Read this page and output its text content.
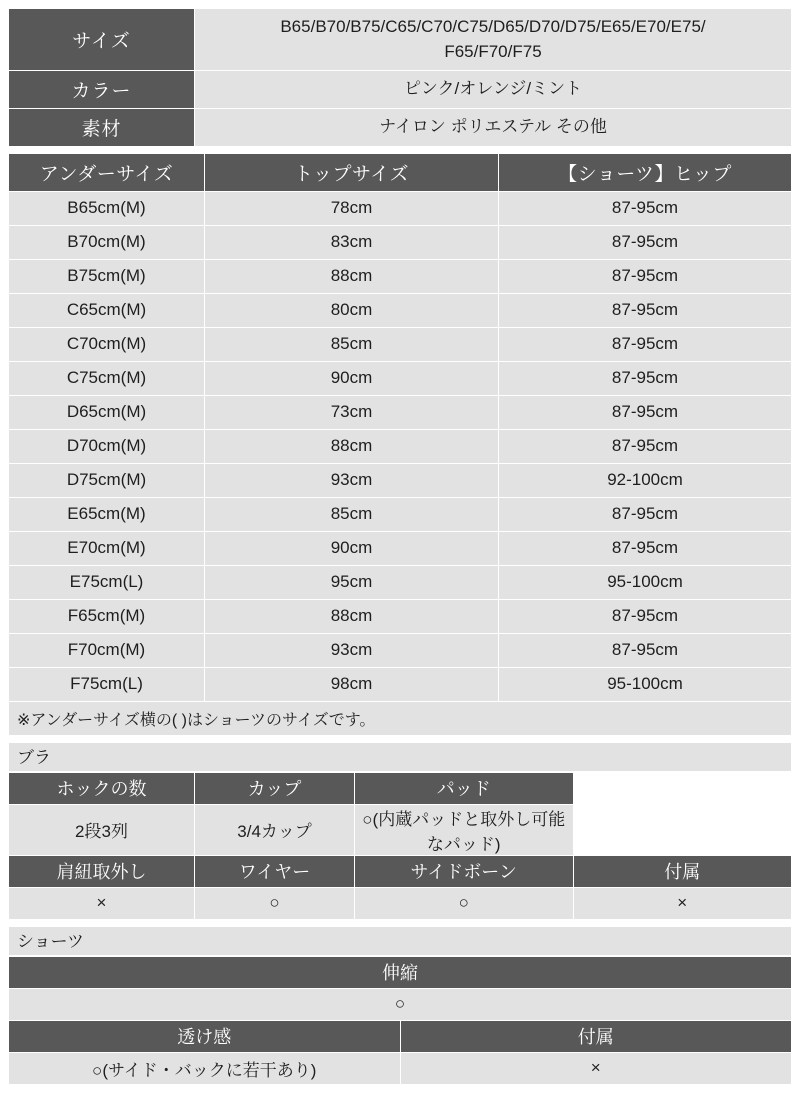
サイズ	B65/B70/B75/C65/C70/C75/D65/D70/D75/E65/E70/E75/
F65/F70/F75
カラー	ピンク/オレンジ/ミント
素材	ナイロン ポリエステル その他
アンダーサイズ	トップサイズ	【ショーツ】ヒップ
B65cm(M)	78cm	87-95cm
B70cm(M)	83cm	87-95cm
B75cm(M)	88cm	87-95cm
C65cm(M)	80cm	87-95cm
C70cm(M)	85cm	87-95cm
C75cm(M)	90cm	87-95cm
D65cm(M)	73cm	87-95cm
D70cm(M)	88cm	87-95cm
D75cm(M)	93cm	92-100cm
E65cm(M)	85cm	87-95cm
E70cm(M)	90cm	87-95cm
E75cm(L)	95cm	95-100cm
F65cm(M)	88cm	87-95cm
F70cm(M)	93cm	87-95cm
F75cm(L)	98cm	95-100cm
※アンダーサイズ横の( )はショーツのサイズです。		
ブラ
ホックの数	カップ	パッド	
2段3列	3/4カップ	○(内蔵パッドと取外し可能なパッド)	
肩紐取外し	ワイヤー	サイドボーン	付属
×	○	○	×
ショーツ
伸縮	
○	
透け感	付属
○(サイド・バックに若干あり)	×
